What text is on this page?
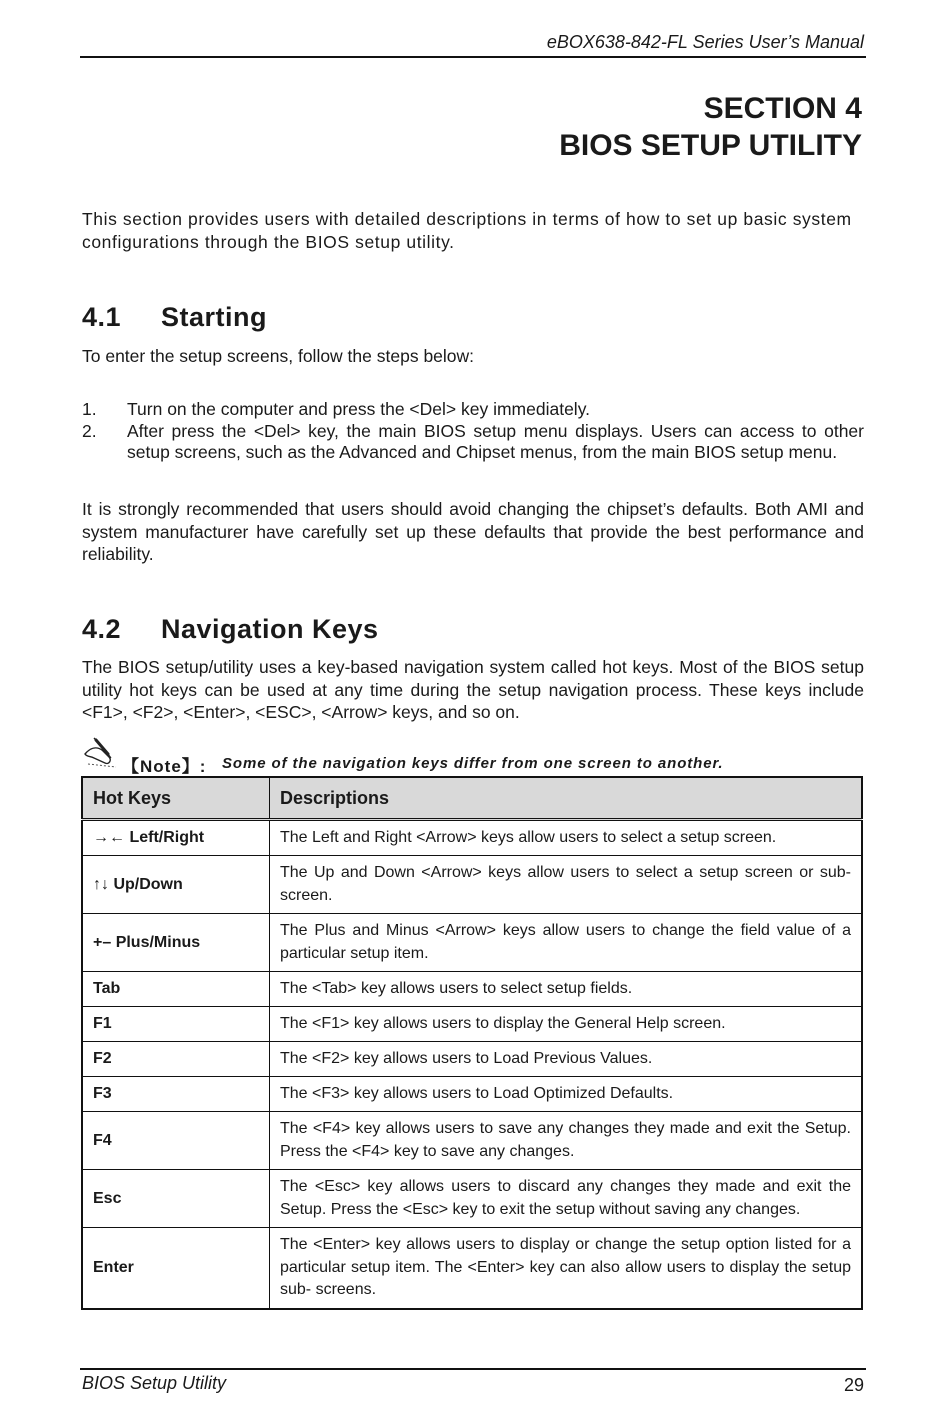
eBOX638-842-FL Series User’s Manual
SECTION 4
BIOS SETUP UTILITY
This section provides users with detailed descriptions in terms of how to set up basic system configurations through the BIOS setup utility.
4.1 Starting
To enter the setup screens, follow the steps below:
1.	Turn on the computer and press the <Del> key immediately.
2.	After press the <Del> key, the main BIOS setup menu displays. Users can access to other setup screens, such as the Advanced and Chipset menus, from the main BIOS setup menu.
It is strongly recommended that users should avoid changing the chipset’s defaults. Both AMI and system manufacturer have carefully set up these defaults that provide the best performance and reliability.
4.2 Navigation Keys
The BIOS setup/utility uses a key-based navigation system called hot keys. Most of the BIOS setup utility hot keys can be used at any time during the setup navigation process. These keys include <F1>, <F2>, <Enter>, <ESC>, <Arrow> keys, and so on.
【Note】: Some of the navigation keys differ from one screen to another.
Hot Keys	Descriptions
→← Left/Right	The Left and Right <Arrow> keys allow users to select a setup screen.
↑↓ Up/Down	The Up and Down <Arrow> keys allow users to select a setup screen or sub-screen.
+– Plus/Minus	The Plus and Minus <Arrow> keys allow users to change the field value of a particular setup item.
Tab	The <Tab> key allows users to select setup fields.
F1	The <F1> key allows users to display the General Help screen.
F2	The <F2> key allows users to Load Previous Values.
F3	The <F3> key allows users to Load Optimized Defaults.
F4	The <F4> key allows users to save any changes they made and exit the Setup. Press the <F4> key to save any changes.
Esc	The <Esc> key allows users to discard any changes they made and exit the Setup. Press the <Esc> key to exit the setup without saving any changes.
Enter	The <Enter> key allows users to display or change the setup option listed for a particular setup item. The <Enter> key can also allow users to display the setup sub- screens.
BIOS Setup Utility	29
